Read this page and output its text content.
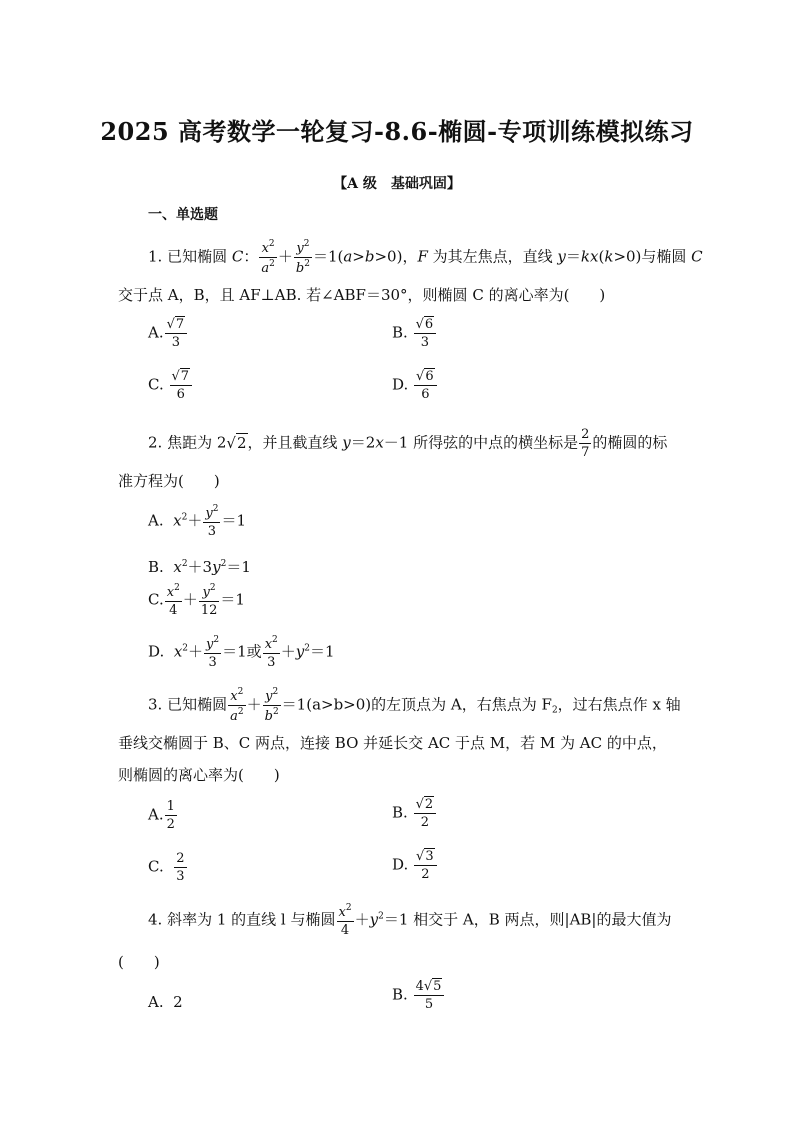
2025 高考数学一轮复习-8.6-椭圆-专项训练模拟练习
【A 级　基础巩固】
一、单选题
1. 已知椭圆 C： $\frac{x^2}{a^2} + \frac{y^2}{b^2} =1(a>b>0)$，F 为其左焦点，直线 y＝kx(k>0)与椭圆 C
交于点 A，B，且 AF⊥AB. 若∠ABF＝30°，则椭圆 C 的离心率为(　　)
A. $\frac{√7}{3}$	B. $\frac{√6}{3}$
C. $\frac{√7}{6}$	D. $\frac{√6}{6}$
2. 焦距为 2√2，并且截直线 y＝2x－1 所得弦的中点的横坐标是 $\frac{2}{7}$ 的椭圆的标
准方程为(　　)
A. $x^2+ \frac{y^2}{3} =1$
B. $x^2+3y^2=1$
C. $\frac{x^2}{4} + \frac{y^2}{12} =1$
D. $x^2+ \frac{y^2}{3} =1$或 $\frac{x^2}{3} +y^2=1$
3. 已知椭圆 $\frac{x^2}{a^2} + \frac{y^2}{b^2} =1(a>b>0)$的左顶点为 A，右焦点为 $F_2$，过右焦点作 x 轴
垂线交椭圆于 B、C 两点，连接 BO 并延长交 AC 于点 M，若 M 为 AC 的中点，
则椭圆的离心率为(　　)
A. $\frac{1}{2}$	B. $\frac{√2}{2}$
C. $\frac{2}{3}$	D. $\frac{√3}{2}$
4. 斜率为 1 的直线 l 与椭圆 $\frac{x^2}{4} +y^2=1$ 相交于 A，B 两点，则|AB|的最大值为
(　　)
A. 2	B. $\frac{4√5}{5}$
